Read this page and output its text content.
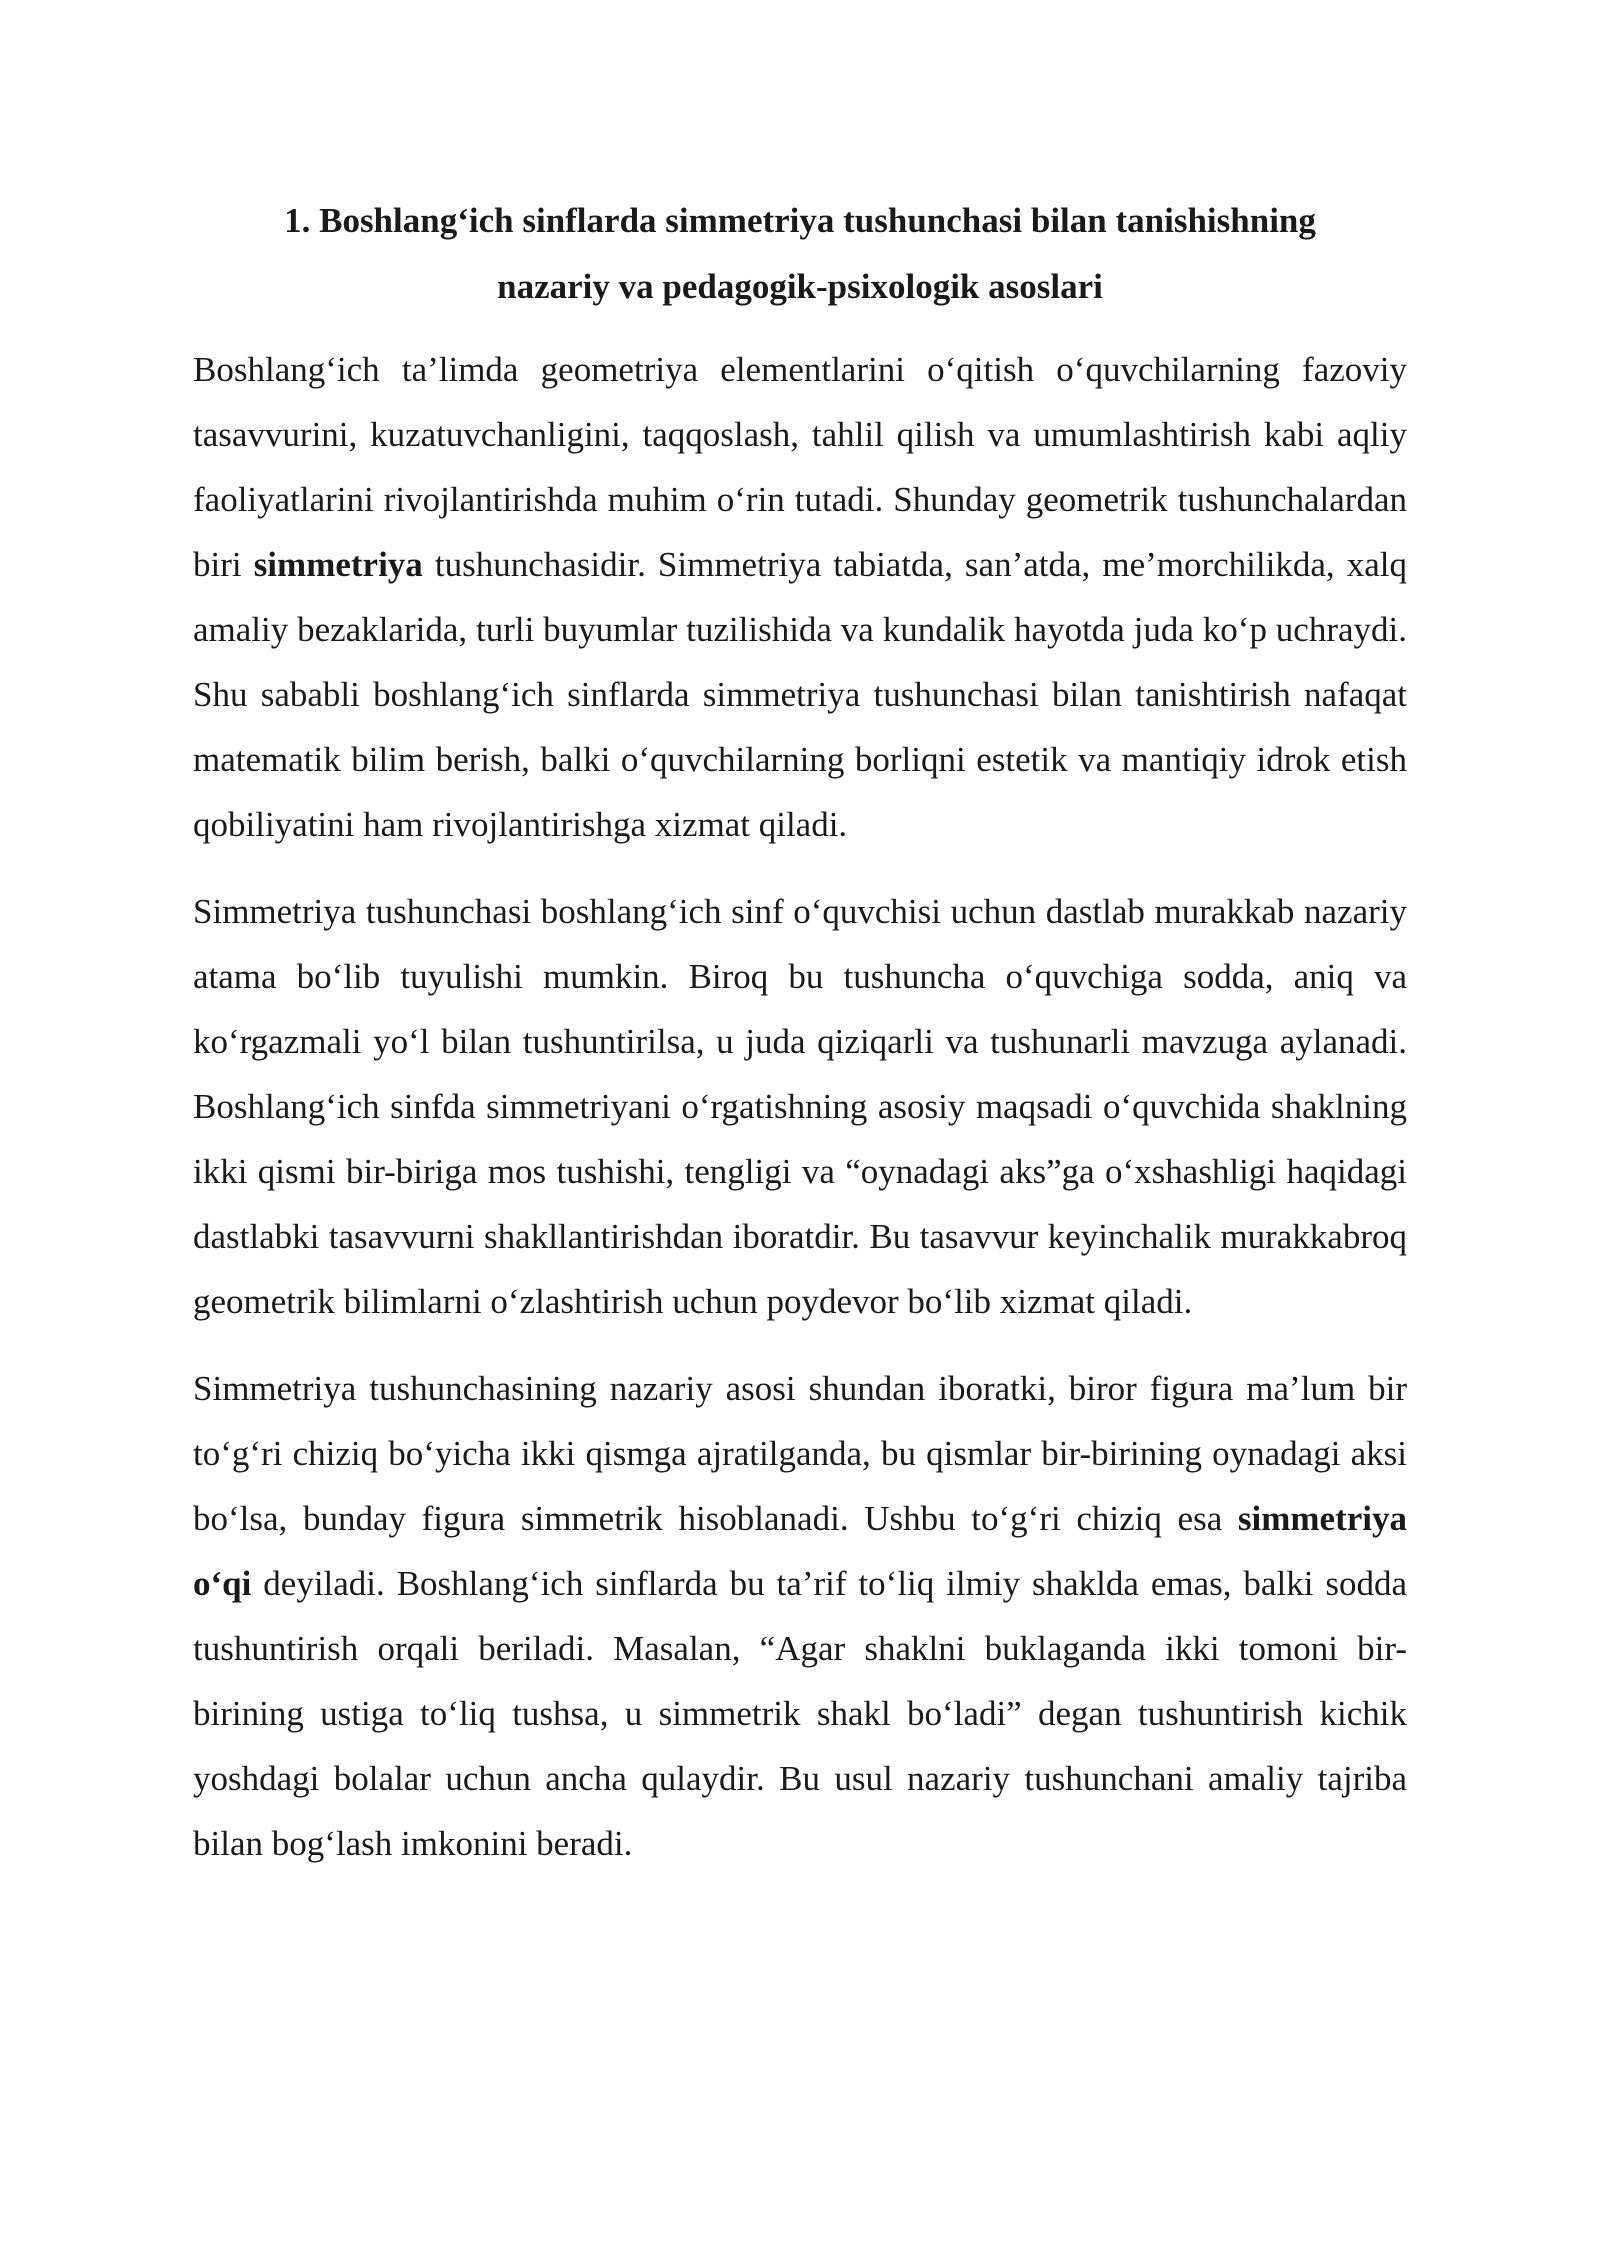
1. Boshlang‘ich sinflarda simmetriya tushunchasi bilan tanishishning
nazariy va pedagogik-psixologik asoslari

Boshlang‘ich ta’limda geometriya elementlarini o‘qitish o‘quvchilarning fazoviy tasavvurini, kuzatuvchanligini, taqqoslash, tahlil qilish va umumlashtirish kabi aqliy faoliyatlarini rivojlantirishda muhim o‘rin tutadi. Shunday geometrik tushunchalardan biri simmetriya tushunchasidir. Simmetriya tabiatda, san’atda, me’morchilikda, xalq amaliy bezaklarida, turli buyumlar tuzilishida va kundalik hayotda juda ko‘p uchraydi. Shu sababli boshlang‘ich sinflarda simmetriya tushunchasi bilan tanishtirish nafaqat matematik bilim berish, balki o‘quvchilarning borliqni estetik va mantiqiy idrok etish qobiliyatini ham rivojlantirishga xizmat qiladi.

Simmetriya tushunchasi boshlang‘ich sinf o‘quvchisi uchun dastlab murakkab nazariy atama bo‘lib tuyulishi mumkin. Biroq bu tushuncha o‘quvchiga sodda, aniq va ko‘rgazmali yo‘l bilan tushuntirilsa, u juda qiziqarli va tushunarli mavzuga aylanadi. Boshlang‘ich sinfda simmetriyani o‘rgatishning asosiy maqsadi o‘quvchida shaklning ikki qismi bir-biriga mos tushishi, tengligi va “oynadagi aks”ga o‘xshashligi haqidagi dastlabki tasavvurni shakllantirishdan iboratdir. Bu tasavvur keyinchalik murakkabroq geometrik bilimlarni o‘zlashtirish uchun poydevor bo‘lib xizmat qiladi.

Simmetriya tushunchasining nazariy asosi shundan iboratki, biror figura ma’lum bir to‘g‘ri chiziq bo‘yicha ikki qismga ajratilganda, bu qismlar bir-birining oynadagi aksi bo‘lsa, bunday figura simmetrik hisoblanadi. Ushbu to‘g‘ri chiziq esa simmetriya o‘qi deyiladi. Boshlang‘ich sinflarda bu ta’rif to‘liq ilmiy shaklda emas, balki sodda tushuntirish orqali beriladi. Masalan, “Agar shaklni buklaganda ikki tomoni bir-birining ustiga to‘liq tushsa, u simmetrik shakl bo‘ladi” degan tushuntirish kichik yoshdagi bolalar uchun ancha qulaydir. Bu usul nazariy tushunchani amaliy tajriba bilan bog‘lash imkonini beradi.
